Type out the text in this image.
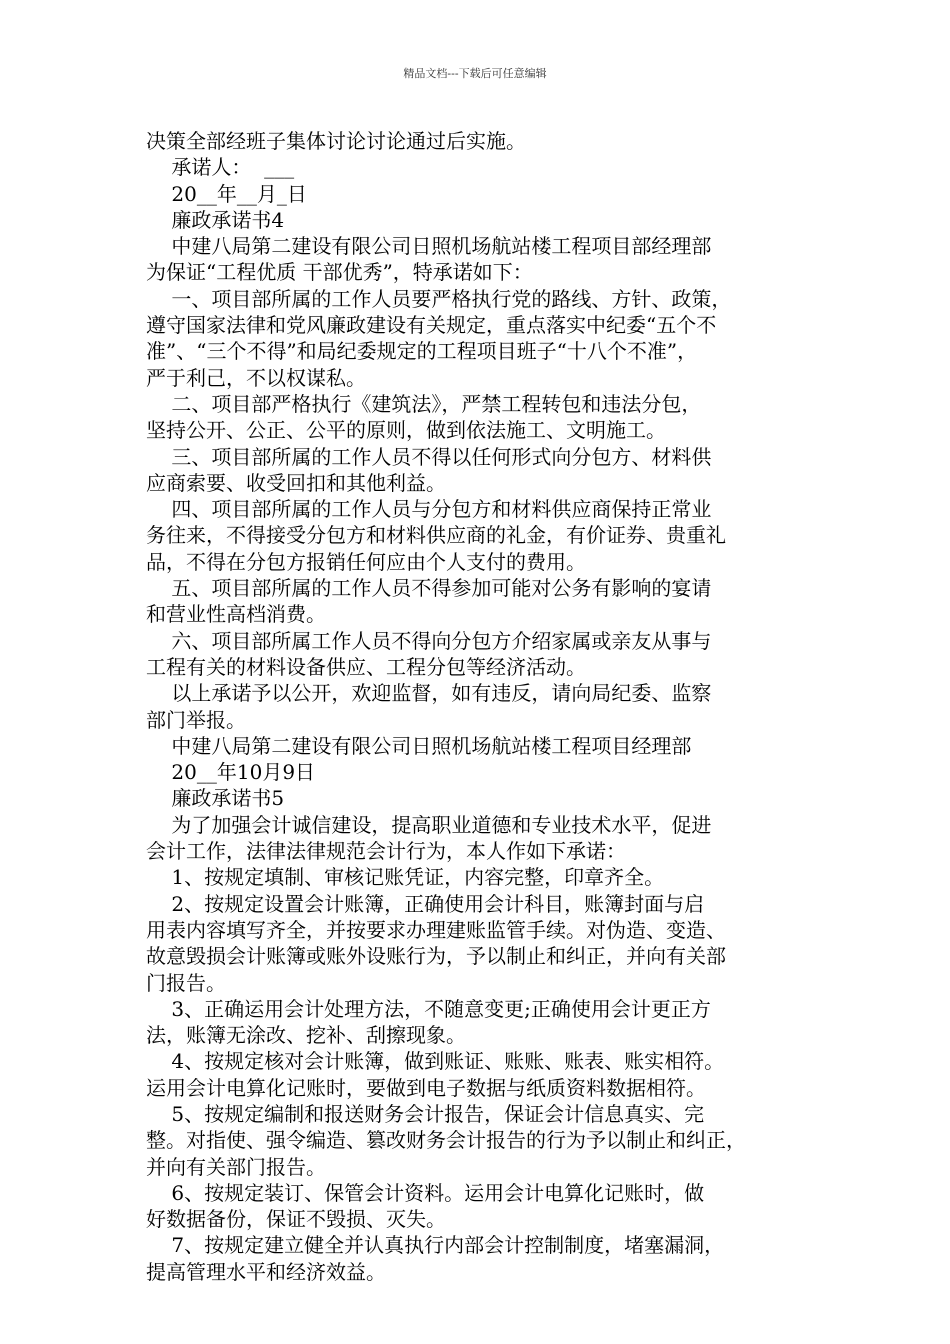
精品文档---下载后可任意编辑
决策全部经班子集体讨论讨论通过后实施。
承诺人：  ___
20__年__月_日
廉政承诺书4
中建八局第二建设有限公司日照机场航站楼工程项目部经理部
为保证“工程优质 干部优秀”，特承诺如下：
一、项目部所属的工作人员要严格执行党的路线、方针、政策，
遵守国家法律和党风廉政建设有关规定，重点落实中纪委“五个不
准”、“三个不得”和局纪委规定的工程项目班子“十八个不准”，
严于利己，不以权谋私。
二、项目部严格执行《建筑法》，严禁工程转包和违法分包，
坚持公开、公正、公平的原则，做到依法施工、文明施工。
三、项目部所属的工作人员不得以任何形式向分包方、材料供
应商索要、收受回扣和其他利益。
四、项目部所属的工作人员与分包方和材料供应商保持正常业
务往来，不得接受分包方和材料供应商的礼金，有价证券、贵重礼
品，不得在分包方报销任何应由个人支付的费用。
五、项目部所属的工作人员不得参加可能对公务有影响的宴请
和营业性高档消费。
六、项目部所属工作人员不得向分包方介绍家属或亲友从事与
工程有关的材料设备供应、工程分包等经济活动。
以上承诺予以公开，欢迎监督，如有违反，请向局纪委、监察
部门举报。
中建八局第二建设有限公司日照机场航站楼工程项目经理部
20__年10月9日
廉政承诺书5
为了加强会计诚信建设，提高职业道德和专业技术水平，促进
会计工作，法律法律规范会计行为，本人作如下承诺：
1、按规定填制、审核记账凭证，内容完整，印章齐全。
2、按规定设置会计账簿，正确使用会计科目，账簿封面与启
用表内容填写齐全，并按要求办理建账监管手续。对伪造、变造、
故意毁损会计账簿或账外设账行为，予以制止和纠正，并向有关部
门报告。
3、正确运用会计处理方法，不随意变更;正确使用会计更正方
法，账簿无涂改、挖补、刮擦现象。
4、按规定核对会计账簿，做到账证、账账、账表、账实相符。
运用会计电算化记账时，要做到电子数据与纸质资料数据相符。
5、按规定编制和报送财务会计报告，保证会计信息真实、完
整。对指使、强令编造、篡改财务会计报告的行为予以制止和纠正，
并向有关部门报告。
6、按规定装订、保管会计资料。运用会计电算化记账时，做
好数据备份，保证不毁损、灭失。
7、按规定建立健全并认真执行内部会计控制制度，堵塞漏洞，
提高管理水平和经济效益。
